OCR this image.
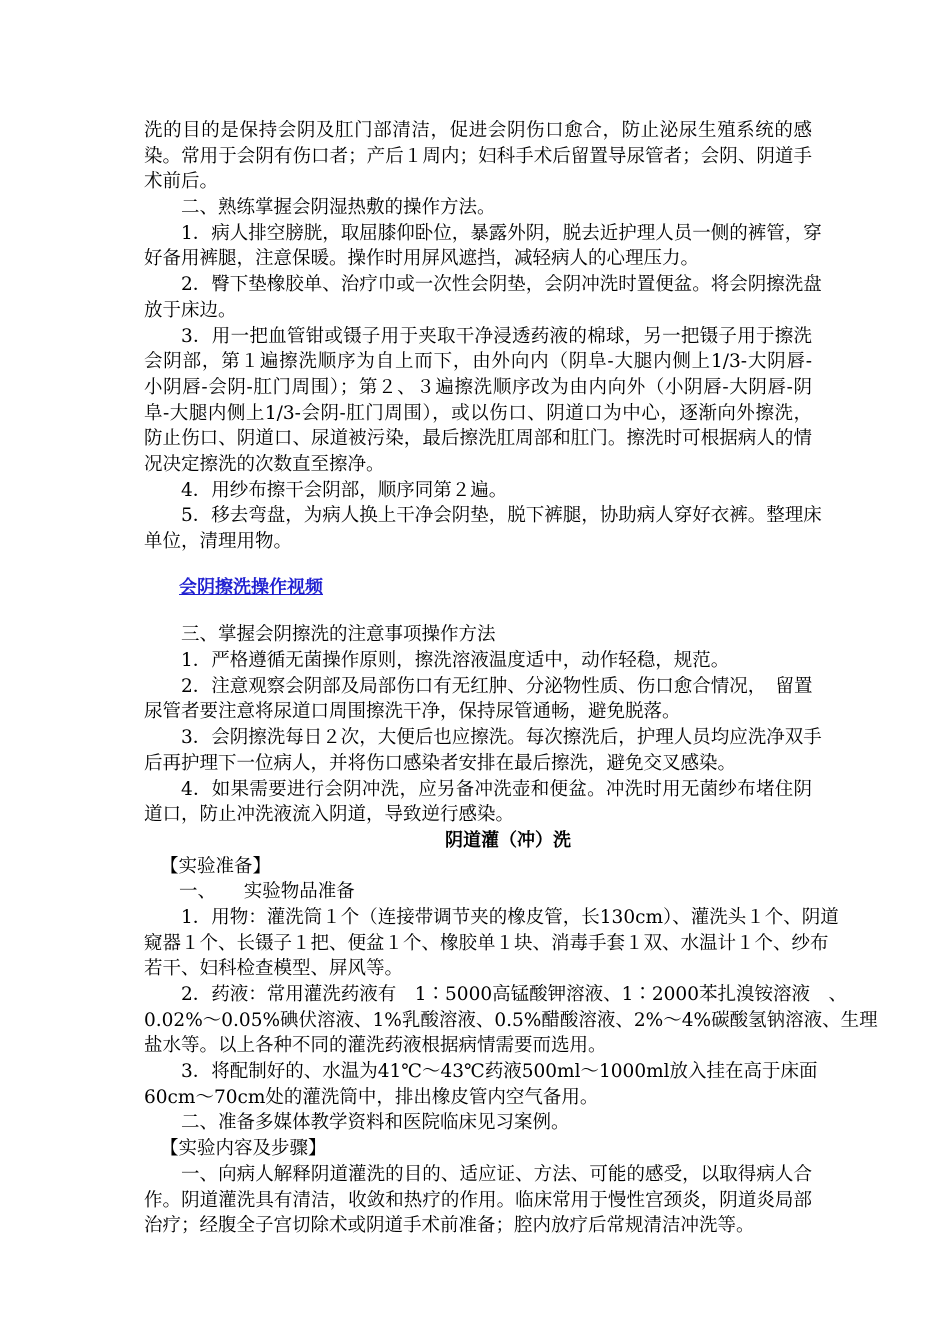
洗的目的是保持会阴及肛门部清洁，促进会阴伤口愈合，防止泌尿生殖系统的感
染。常用于会阴有伤口者；产后１周内；妇科手术后留置导尿管者；会阴、阴道手
术前后。
二、熟练掌握会阴湿热敷的操作方法。
1．病人排空膀胱，取屈膝仰卧位，暴露外阴，脱去近护理人员一侧的裤管，穿
好备用裤腿，注意保暖。操作时用屏风遮挡，减轻病人的心理压力。
2．臀下垫橡胶单、治疗巾或一次性会阴垫，会阴冲洗时置便盆。将会阴擦洗盘
放于床边。
3．用一把血管钳或镊子用于夹取干净浸透药液的棉球，另一把镊子用于擦洗
会阴部，第１遍擦洗顺序为自上而下，由外向内（阴阜-大腿内侧上1/3-大阴唇-
小阴唇-会阴-肛门周围）；第２、３遍擦洗顺序改为由内向外（小阴唇-大阴唇-阴
阜-大腿内侧上1/3-会阴-肛门周围），或以伤口、阴道口为中心，逐渐向外擦洗，
防止伤口、阴道口、尿道被污染，最后擦洗肛周部和肛门。擦洗时可根据病人的情
况决定擦洗的次数直至擦净。
4．用纱布擦干会阴部，顺序同第２遍。
5．移去弯盘，为病人换上干净会阴垫，脱下裤腿，协助病人穿好衣裤。整理床
单位，清理用物。
会阴擦洗操作视频
三、掌握会阴擦洗的注意事项操作方法
1．严格遵循无菌操作原则，擦洗溶液温度适中，动作轻稳，规范。
2．注意观察会阴部及局部伤口有无红肿、分泌物性质、伤口愈合情况，　留置
尿管者要注意将尿道口周围擦洗干净，保持尿管通畅，避免脱落。
3．会阴擦洗每日２次，大便后也应擦洗。每次擦洗后，护理人员均应洗净双手
后再护理下一位病人，并将伤口感染者安排在最后擦洗，避免交叉感染。
4．如果需要进行会阴冲洗，应另备冲洗壶和便盆。冲洗时用无菌纱布堵住阴
道口，防止冲洗液流入阴道，导致逆行感染。
阴道灌（冲）洗
【实验准备】
一、　　实验物品准备
1．用物：灌洗筒１个（连接带调节夹的橡皮管，长130cm）、灌洗头１个、阴道
窥器１个、长镊子１把、便盆１个、橡胶单１块、消毒手套１双、水温计１个、纱布
若干、妇科检查模型、屏风等。
2．药液：常用灌洗药液有　1∶5000高锰酸钾溶液、1∶2000苯扎溴铵溶液　、
0.02%～0.05%碘伏溶液、1%乳酸溶液、0.5%醋酸溶液、2%～4%碳酸氢钠溶液、生理
盐水等。以上各种不同的灌洗药液根据病情需要而选用。
3．将配制好的、水温为41℃～43℃药液500ml～1000ml放入挂在高于床面
60cm～70cm处的灌洗筒中，排出橡皮管内空气备用。
二、准备多媒体教学资料和医院临床见习案例。
【实验内容及步骤】
一、向病人解释阴道灌洗的目的、适应证、方法、可能的感受，以取得病人合
作。阴道灌洗具有清洁，收敛和热疗的作用。临床常用于慢性宫颈炎，阴道炎局部
治疗；经腹全子宫切除术或阴道手术前准备；腔内放疗后常规清洁冲洗等。
